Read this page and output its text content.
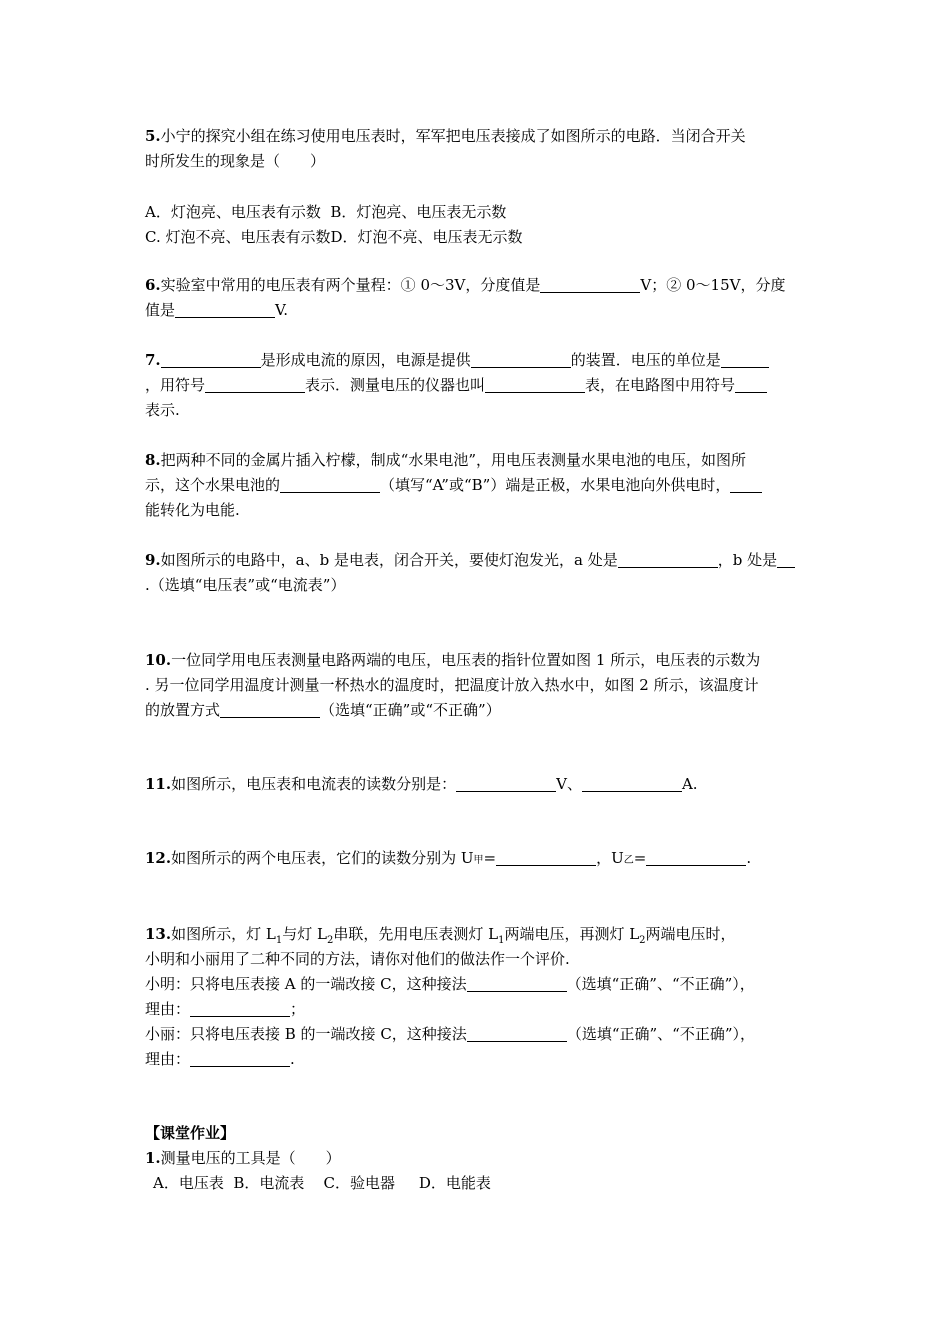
5.小宁的探究小组在练习使用电压表时，军军把电压表接成了如图所示的电路．当闭合开关

时所发生的现象是（　　）

A．灯泡亮、电压表有示数 B．灯泡亮、电压表无示数

C. 灯泡不亮、电压表有示数D．灯泡不亮、电压表无示数

6.实验室中常用的电压表有两个量程：① 0～3V，分度值是	V；② 0～15V，分度

值是	V.

7.	是形成电流的原因，电源是提供	的装置．电压的单位是

，用符号	表示．测量电压的仪器也叫	表，在电路图中用符号

表示.

8.把两种不同的金属片插入柠檬，制成“水果电池”，用电压表测量水果电池的电压，如图所

示，这个水果电池的	（填写“A”或“B”）端是正极，水果电池向外供电时，

能转化为电能.

9.如图所示的电路中，a、b 是电表，闭合开关，要使灯泡发光，a 处是	，b 处是

.（选填“电压表”或“电流表”）

10.一位同学用电压表测量电路两端的电压，电压表的指针位置如图 1 所示，电压表的示数为

. 另一位同学用温度计测量一杯热水的温度时，把温度计放入热水中，如图 2 所示，该温度计

的放置方式	（选填“正确”或“不正确”）

11.如图所示，电压表和电流表的读数分别是：	V、	A.

12.如图所示的两个电压表，它们的读数分别为 U甲=	，U乙=	.

13.如图所示，灯 $L_1$与灯 $L_2$串联，先用电压表测灯 $L_1$两端电压，再测灯 $L_2$两端电压时，

小明和小丽用了二种不同的方法，请你对他们的做法作一个评价.

小明：只将电压表接 A 的一端改接 C，这种接法	（选填“正确”、“不正确”），

理由：	；

小丽：只将电压表接 B 的一端改接 C，这种接法	（选填“正确”、“不正确”），

理由：	.

【课堂作业】

1.测量电压的工具是（　　）

A．电压表 B．电流表 C．验电器 D．电能表
